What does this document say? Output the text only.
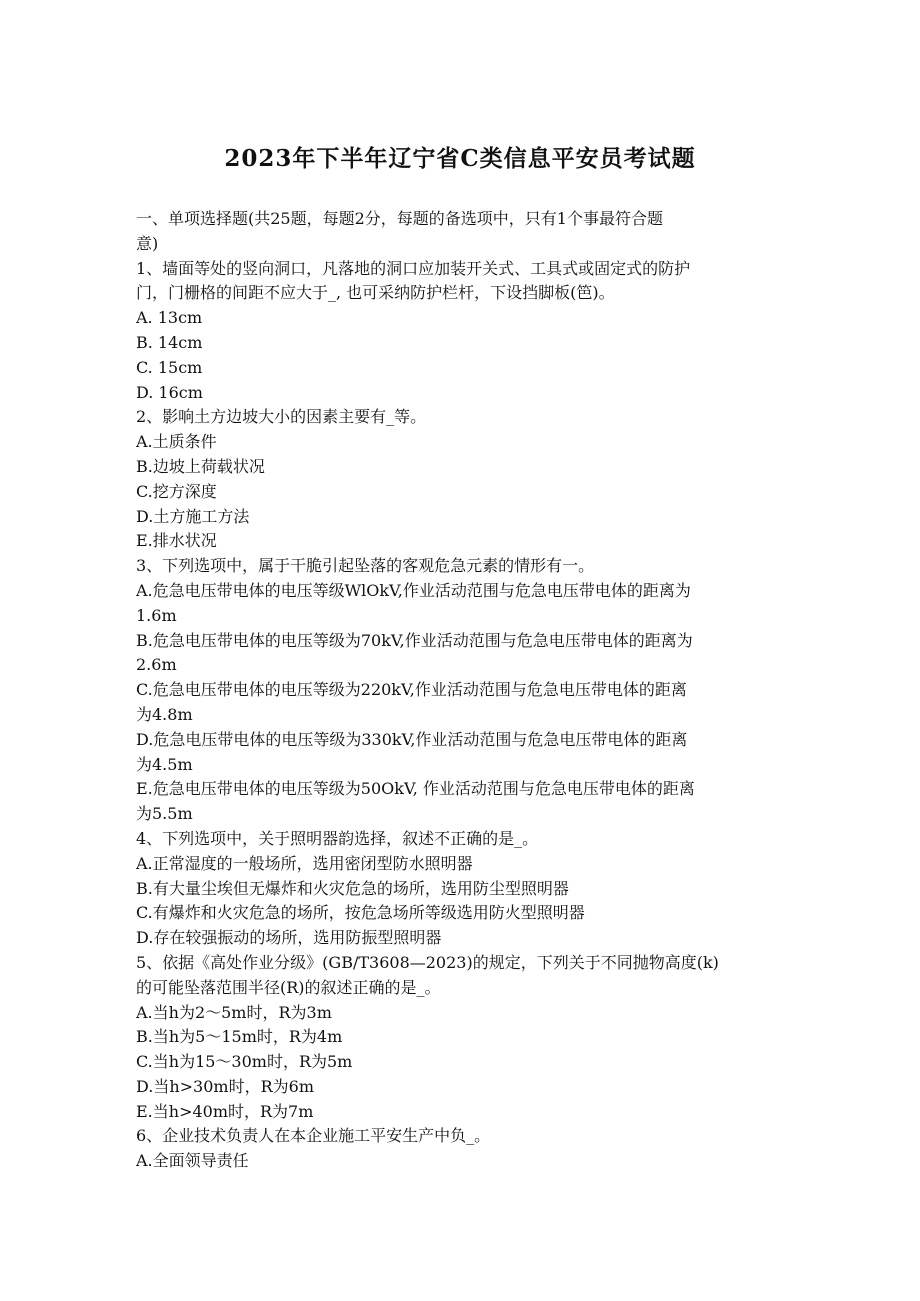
2023年下半年辽宁省C类信息平安员考试题
一、单项选择题(共25题，每题2分，每题的备选项中，只有1个事最符合题
意)
1、墙面等处的竖向洞口，凡落地的洞口应加装开关式、工具式或固定式的防护
门，门栅格的间距不应大于_, 也可采纳防护栏杆，下设挡脚板(笆)。
A. 13cm
B. 14cm
C. 15cm
D. 16cm
2、影响土方边坡大小的因素主要有_等。
A.土质条件
B.边坡上荷载状况
C.挖方深度
D.土方施工方法
E.排水状况
3、下列选项中，属于干脆引起坠落的客观危急元素的情形有一。
A.危急电压带电体的电压等级WlOkV,作业活动范围与危急电压带电体的距离为
1.6m
B.危急电压带电体的电压等级为70kV,作业活动范围与危急电压带电体的距离为
2.6m
C.危急电压带电体的电压等级为220kV,作业活动范围与危急电压带电体的距离
为4.8m
D.危急电压带电体的电压等级为330kV,作业活动范围与危急电压带电体的距离
为4.5m
E.危急电压带电体的电压等级为50OkV, 作业活动范围与危急电压带电体的距离
为5.5m
4、下列选项中，关于照明器韵选择，叙述不正确的是_。
A.正常湿度的一般场所，选用密闭型防水照明器
B.有大量尘埃但无爆炸和火灾危急的场所，选用防尘型照明器
C.有爆炸和火灾危急的场所，按危急场所等级选用防火型照明器
D.存在较强振动的场所，选用防振型照明器
5、依据《高处作业分级》(GB/T3608—2023)的规定，下列关于不同抛物高度(k)
的可能坠落范围半径(R)的叙述正确的是_。
A.当h为2～5m时，R为3m
B.当h为5～15m时，R为4m
C.当h为15～30m时，R为5m
D.当h>30m时，R为6m
E.当h>40m时，R为7m
6、企业技术负责人在本企业施工平安生产中负_。
A.全面领导责任
